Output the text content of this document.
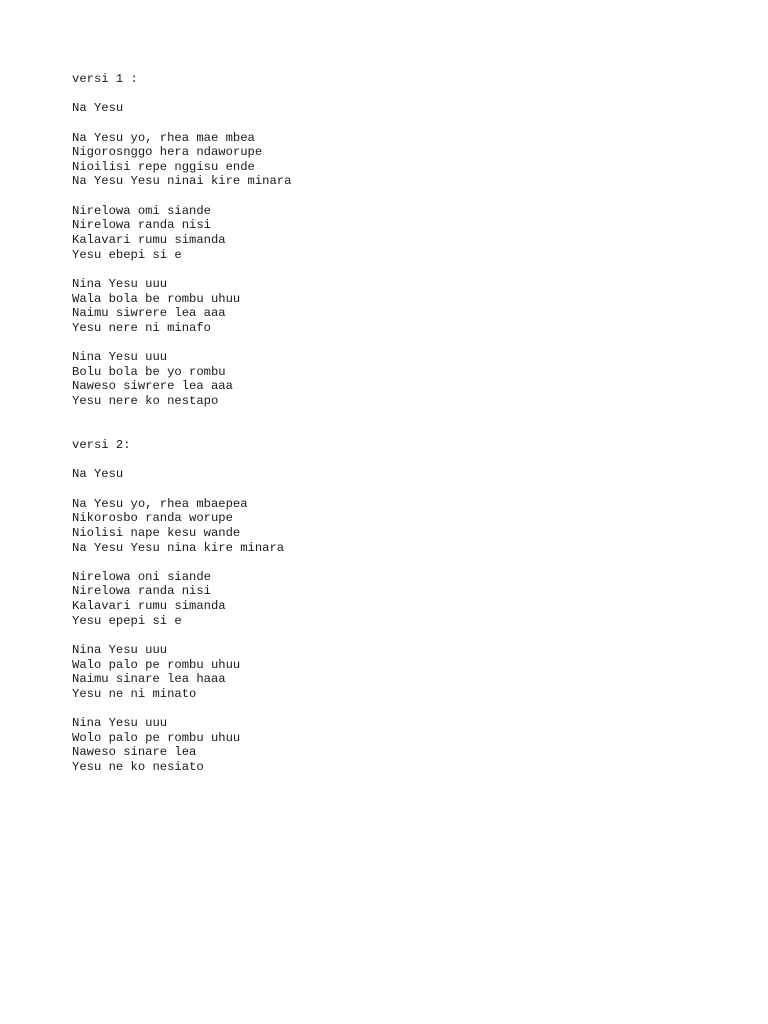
versi 1 :
Na Yesu
Na Yesu yo, rhea mae mbea
Nigorosnggo hera ndaworupe
Nioilisi repe nggisu ende
Na Yesu Yesu ninai kire minara
Nirelowa omi siande
Nirelowa randa nisi
Kalavari rumu simanda
Yesu ebepi si e
Nina Yesu uuu
Wala bola be rombu uhuu
Naimu siwrere lea aaa
Yesu nere ni minafo
Nina Yesu uuu
Bolu bola be yo rombu
Naweso siwrere lea aaa
Yesu nere ko nestapo
versi 2:
Na Yesu
Na Yesu yo, rhea mbaepea
Nikorosbo randa worupe
Niolisi nape kesu wande
Na Yesu Yesu nina kire minara
Nirelowa oni siande
Nirelowa randa nisi
Kalavari rumu simanda
Yesu epepi si e
Nina Yesu uuu
Walo palo pe rombu uhuu
Naimu sinare lea haaa
Yesu ne ni minato
Nina Yesu uuu
Wolo palo pe rombu uhuu
Naweso sinare lea
Yesu ne ko nesiato
